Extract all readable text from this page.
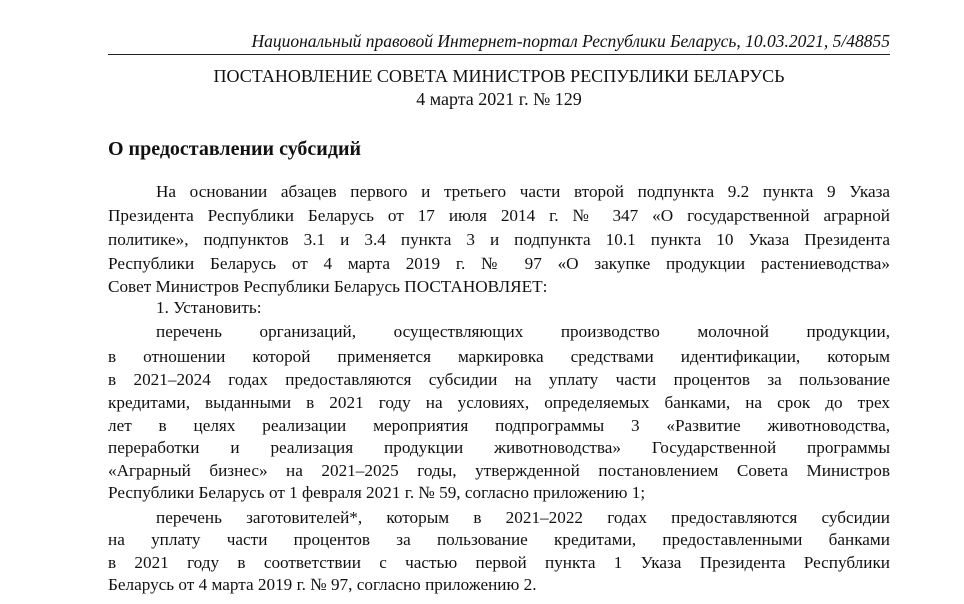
Национальный правовой Интернет-портал Республики Беларусь, 10.03.2021, 5/48855
ПОСТАНОВЛЕНИЕ СОВЕТА МИНИСТРОВ РЕСПУБЛИКИ БЕЛАРУСЬ
4 марта 2021 г. № 129
О предоставлении субсидий
На основании абзацев первого и третьего части второй подпункта 9.2 пункта 9 Указа
Президента Республики Беларусь от 17 июля 2014 г. № 347 «О государственной аграрной
политике», подпунктов 3.1 и 3.4 пункта 3 и подпункта 10.1 пункта 10 Указа Президента
Республики Беларусь от 4 марта 2019 г. № 97 «О закупке продукции растениеводства»
Совет Министров Республики Беларусь ПОСТАНОВЛЯЕТ:
1. Установить:
перечень организаций, осуществляющих производство молочной продукции,
в отношении которой применяется маркировка средствами идентификации, которым
в 2021–2024 годах предоставляются субсидии на уплату части процентов за пользование
кредитами, выданными в 2021 году на условиях, определяемых банками, на срок до трех
лет в целях реализации мероприятия подпрограммы 3 «Развитие животноводства,
переработки и реализация продукции животноводства» Государственной программы
«Аграрный бизнес» на 2021–2025 годы, утвержденной постановлением Совета Министров
Республики Беларусь от 1 февраля 2021 г. № 59, согласно приложению 1;
перечень заготовителей*, которым в 2021–2022 годах предоставляются субсидии
на уплату части процентов за пользование кредитами, предоставленными банками
в 2021 году в соответствии с частью первой пункта 1 Указа Президента Республики
Беларусь от 4 марта 2019 г. № 97, согласно приложению 2.
